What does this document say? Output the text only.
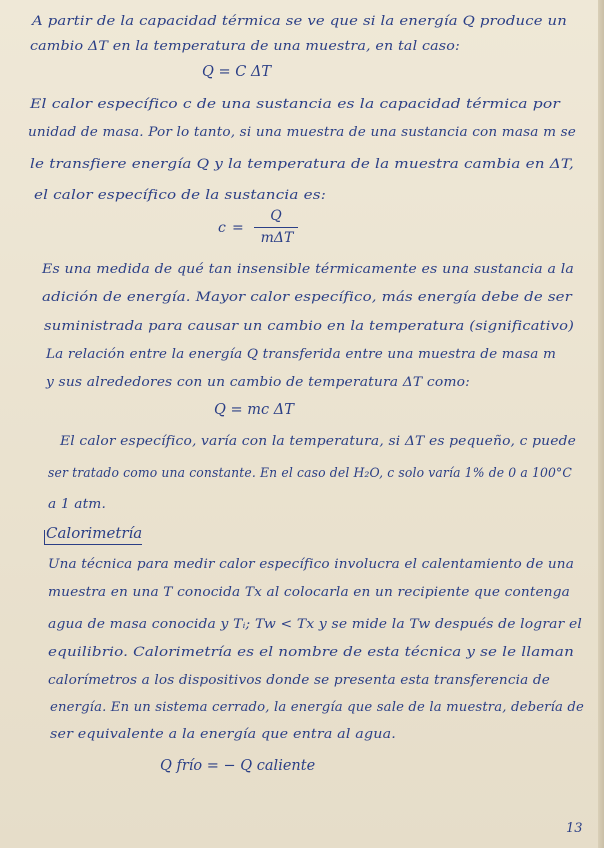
A partir de la capacidad térmica se ve que si la energía Q produce un
cambio ΔT en la temperatura de una muestra, en tal caso:
El calor específico c de una sustancia es la capacidad térmica por
unidad de masa. Por lo tanto, si una muestra de una sustancia con masa m se
le transfiere energía Q y la temperatura de la muestra cambia en ΔT,
el calor específico de la sustancia es:
Es una medida de qué tan insensible térmicamente es una sustancia a la
adición de energía. Mayor calor específico, más energía debe de ser
suministrada para causar un cambio en la temperatura (significativo)
La relación entre la energía Q transferida entre una muestra de masa m
y sus alrededores con un cambio de temperatura ΔT como:
El calor específico, varía con la temperatura, si ΔT es pequeño, c puede
ser tratado como una constante. En el caso del H₂O, c solo varía 1% de 0 a 100°C
a 1 atm.
Una técnica para medir calor específico involucra el calentamiento de una
muestra en una T conocida Tx al colocarla en un recipiente que contenga
agua de masa conocida y Tᵢ; Tw < Tx y se mide la Tw después de lograr el
equilibrio. Calorimetría es el nombre de esta técnica y se le llaman
calorímetros a los dispositivos donde se presenta esta transferencia de
energía. En un sistema cerrado, la energía que sale de la muestra, debería de
ser equivalente a la energía que entra al agua.
Q = C ΔT
c =
Q
mΔT
Q = mc ΔT
Calorimetría
Q frío = − Q caliente
13
